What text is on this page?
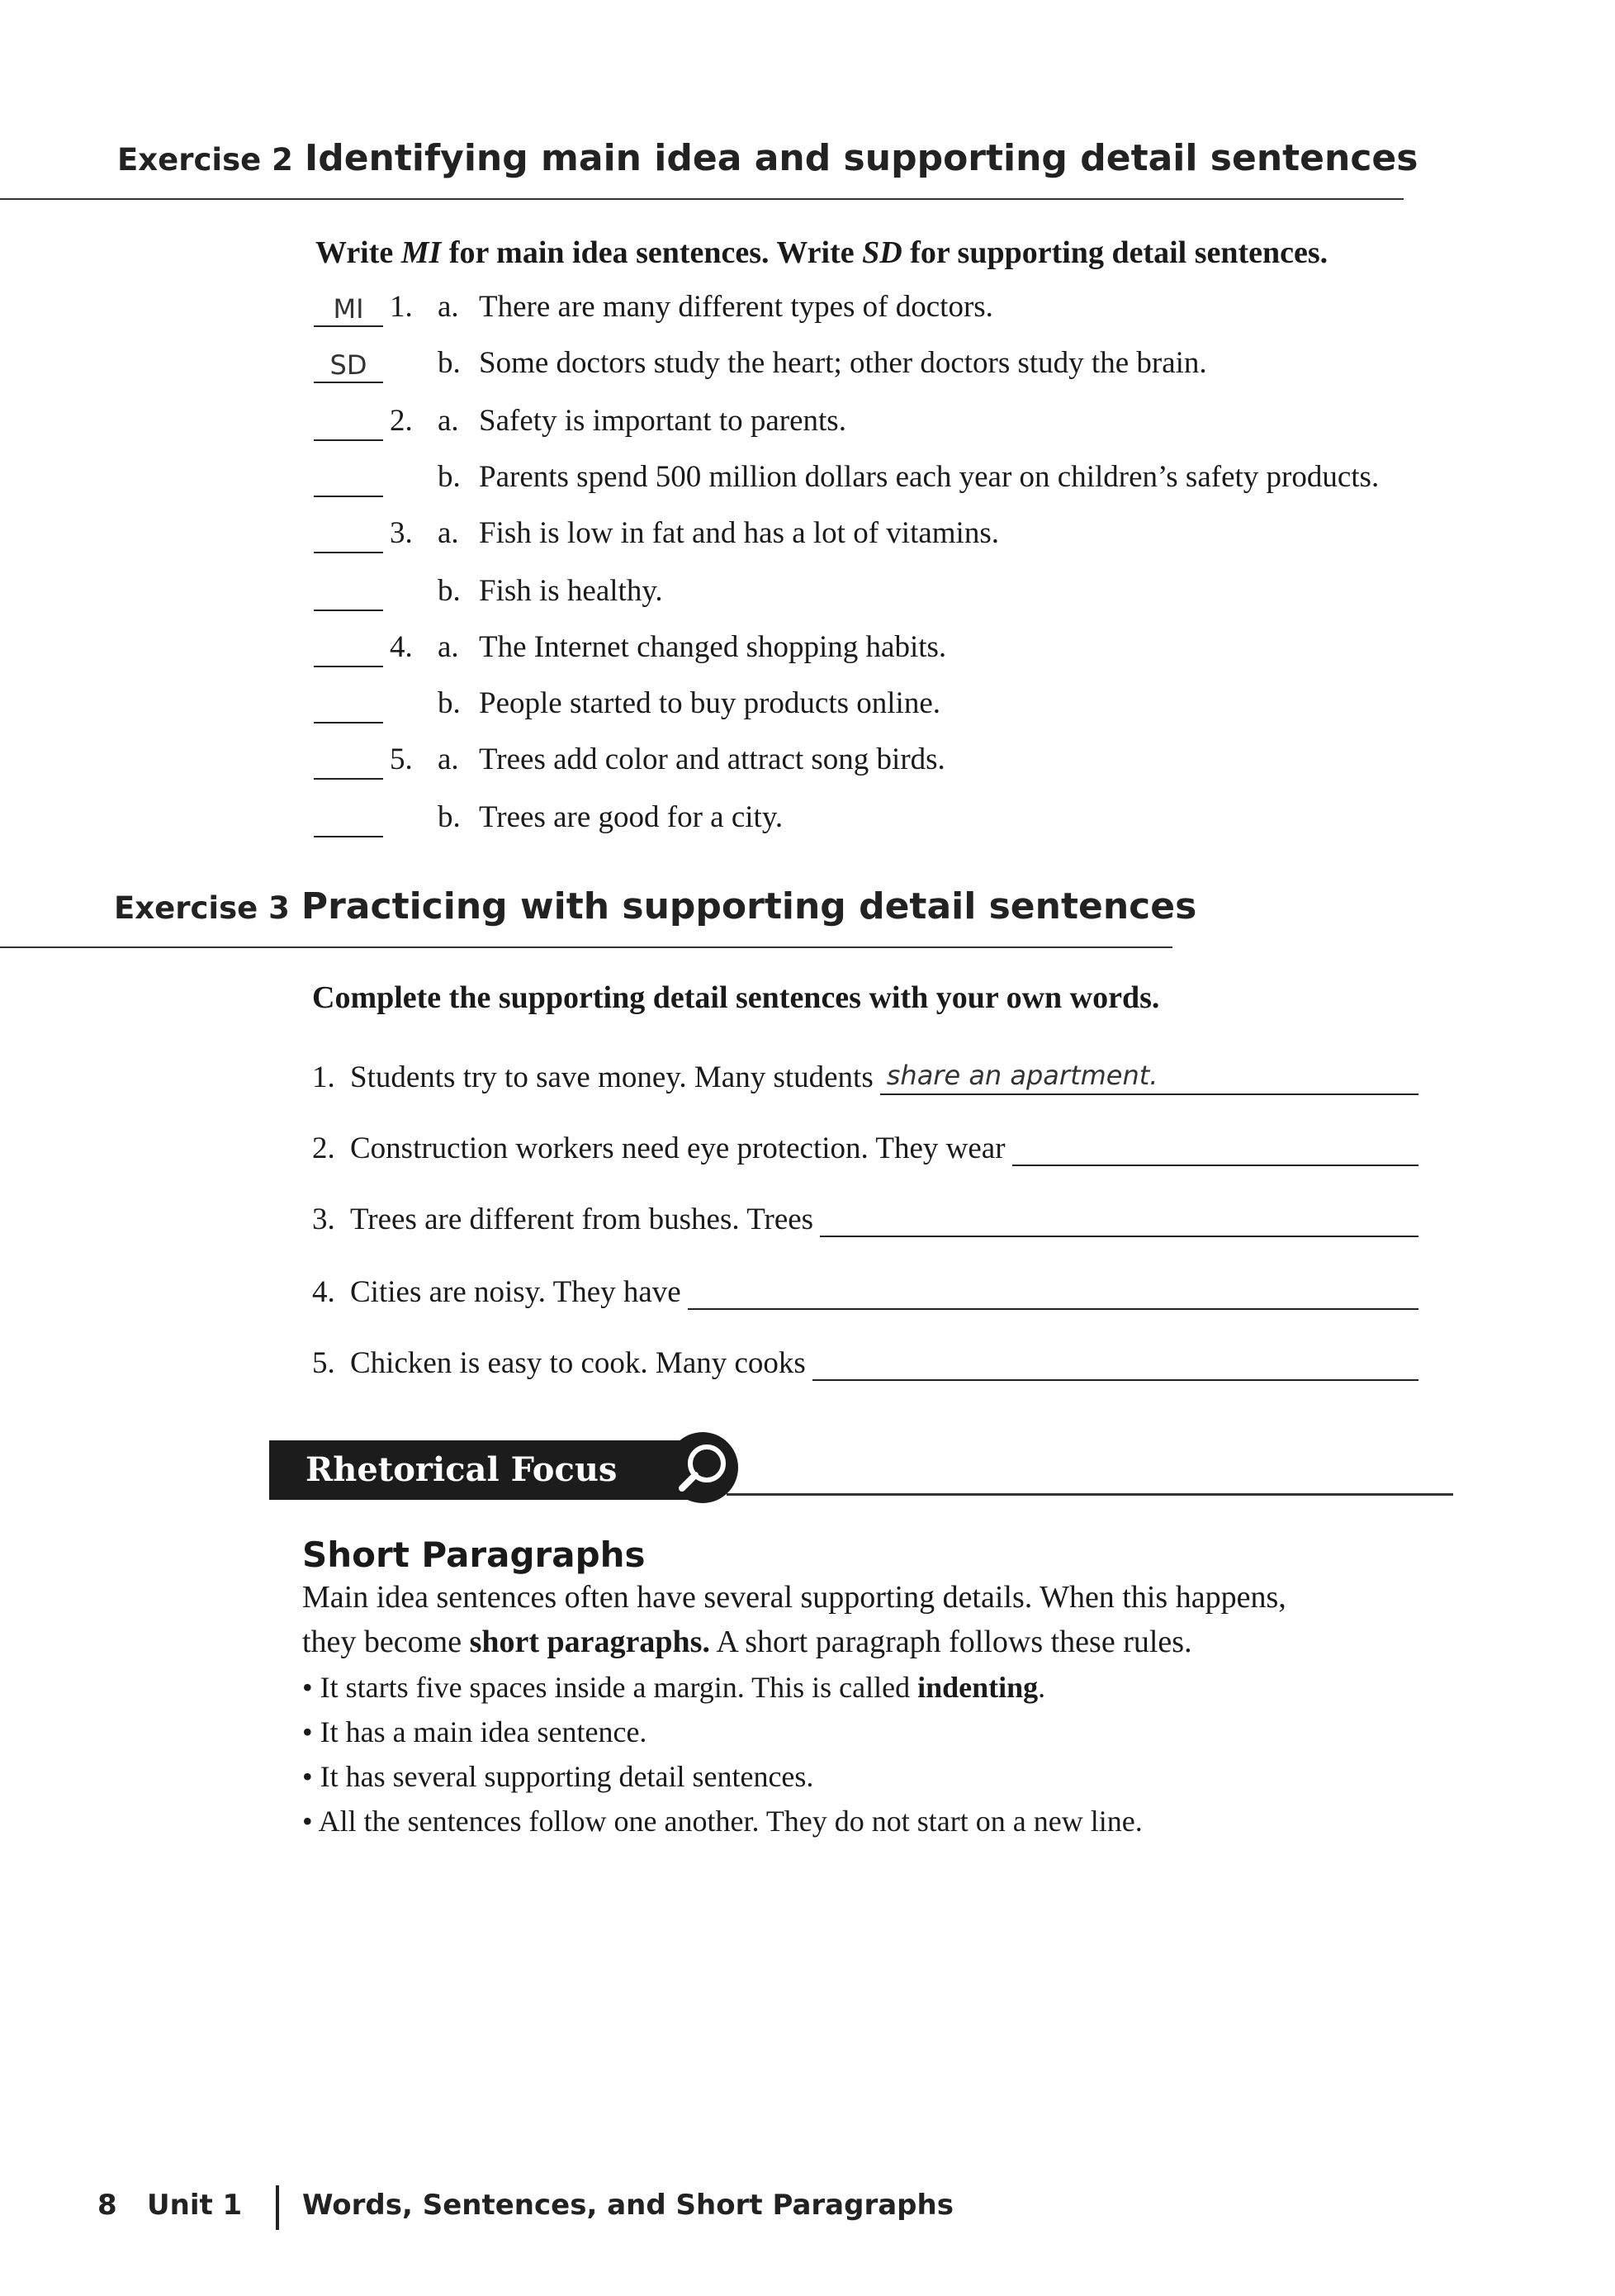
Exercise 2 Identifying main idea and supporting detail sentences
Write MI for main idea sentences. Write SD for supporting detail sentences.
MI 1. a. There are many different types of doctors.
SD	b. Some doctors study the heart; other doctors study the brain.
2. a. Safety is important to parents.
b. Parents spend 500 million dollars each year on children’s safety products.
3. a. Fish is low in fat and has a lot of vitamins.
b. Fish is healthy.
4. a. The Internet changed shopping habits.
b. People started to buy products online.
5. a. Trees add color and attract song birds.
b. Trees are good for a city.
Exercise 3 Practicing with supporting detail sentences
Complete the supporting detail sentences with your own words.
1. Students try to save money. Many students share an apartment.
2. Construction workers need eye protection. They wear
3. Trees are different from bushes. Trees
4. Cities are noisy. They have
5. Chicken is easy to cook. Many cooks
Rhetorical Focus
Short Paragraphs
Main idea sentences often have several supporting details. When this happens,
they become short paragraphs. A short paragraph follows these rules.
• It starts five spaces inside a margin. This is called indenting.
• It has a main idea sentence.
• It has several supporting detail sentences.
• All the sentences follow one another. They do not start on a new line.
8 Unit 1 Words, Sentences, and Short Paragraphs
